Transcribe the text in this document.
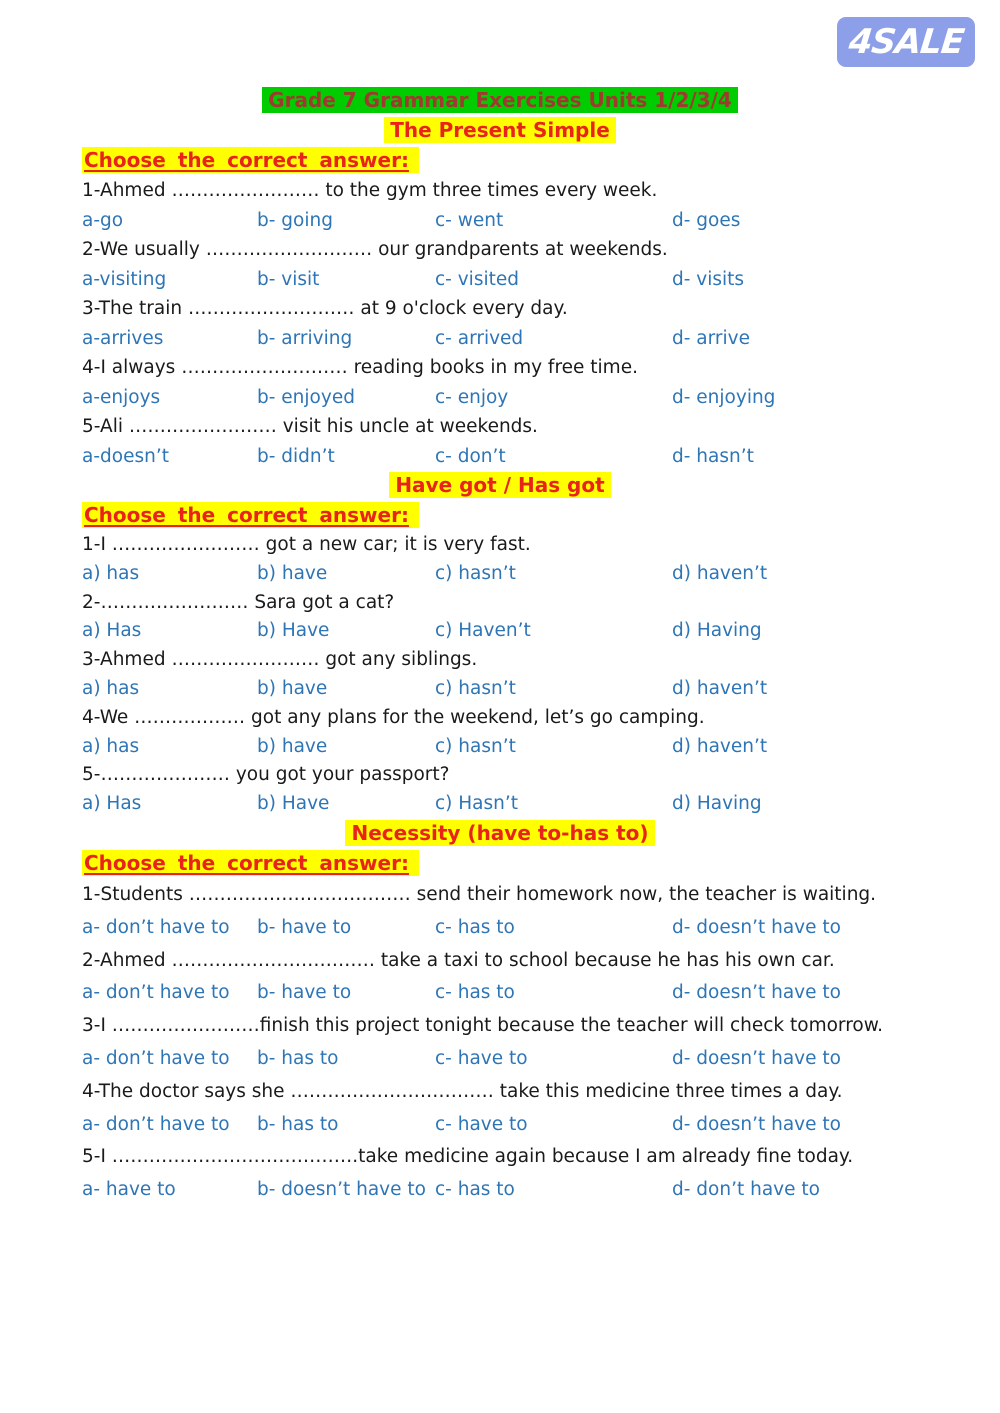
4SALE

Grade 7 Grammar Exercises Units 1/2/3/4

The Present Simple

Choose the correct answer:

1-Ahmed …………………… to the gym three times every week.

a-go	b- going	c- went	d- goes

2-We usually ……………………… our grandparents at weekends.

a-visiting	b- visit	c- visited	d- visits

3-The train ……………………… at 9 o'clock every day.

a-arrives	b- arriving	c- arrived	d- arrive

4-I always ……………………… reading books in my free time.

a-enjoys	b- enjoyed	c- enjoy	d- enjoying

5-Ali …………………… visit his uncle at weekends.

a-doesn’t	b- didn’t	c- don’t	d- hasn’t

Have got / Has got

Choose the correct answer:

1-I …………………… got a new car; it is very fast.

a) has	b) have	c) hasn’t	d) haven’t

2-…………………… Sara got a cat?

a) Has	b) Have	c) Haven’t	d) Having

3-Ahmed …………………… got any siblings.

a) has	b) have	c) hasn’t	d) haven’t

4-We ……………… got any plans for the weekend, let’s go camping.

a) has	b) have	c) hasn’t	d) haven’t

5-………………… you got your passport?

a) Has	b) Have	c) Hasn’t	d) Having

Necessity (have to-has to)

Choose the correct answer:

1-Students ……………………………… send their homework now, the teacher is waiting.

a- don’t have to	b- have to	c- has to	d- doesn’t have to

2-Ahmed …………………………… take a taxi to school because he has his own car.

a- don’t have to	b- have to	c- has to	d- doesn’t have to

3-I ……………………finish this project tonight because the teacher will check tomorrow.

a- don’t have to	b- has to	c- have to	d- doesn’t have to

4-The doctor says she …………………………… take this medicine three times a day.

a- don’t have to	b- has to	c- have to	d- doesn’t have to

5-I ………………………………….take medicine again because I am already fine today.

a- have to	b- doesn’t have to c- has to	d- don’t have to
